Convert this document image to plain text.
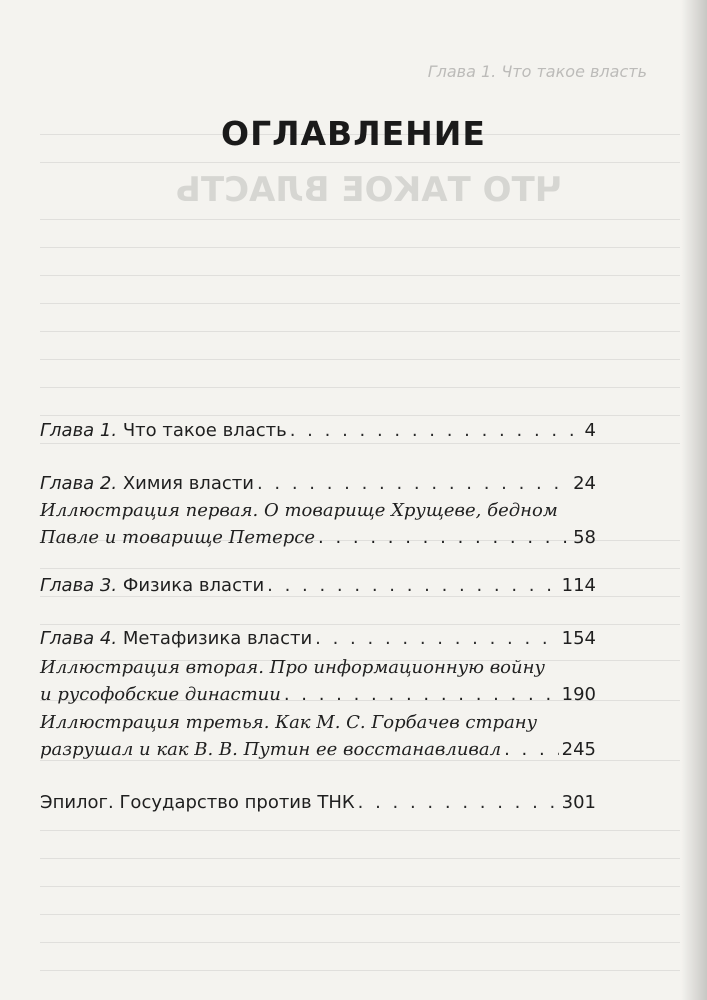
Глава 1. Что такое власть
ЧТО ТАКОЕ ВЛАСТЬ
ОГЛАВЛЕНИЕ
Глава 1. Что такое власть . . .	4
Глава 2. Химия власти . . .	24
Иллюстрация первая. О товарище Хрущеве, бедном
Павле и товарище Петерсе . . .	58
Глава 3. Физика власти . . .	114
Глава 4. Метафизика власти . . .	154
Иллюстрация вторая. Про информационную войну
и русофобские династии . . .	190
Иллюстрация третья. Как М. С. Горбачев страну
разрушал и как В. В. Путин ее восстанавливал . . .	245
Эпилог. Государство против ТНК . . .	301
